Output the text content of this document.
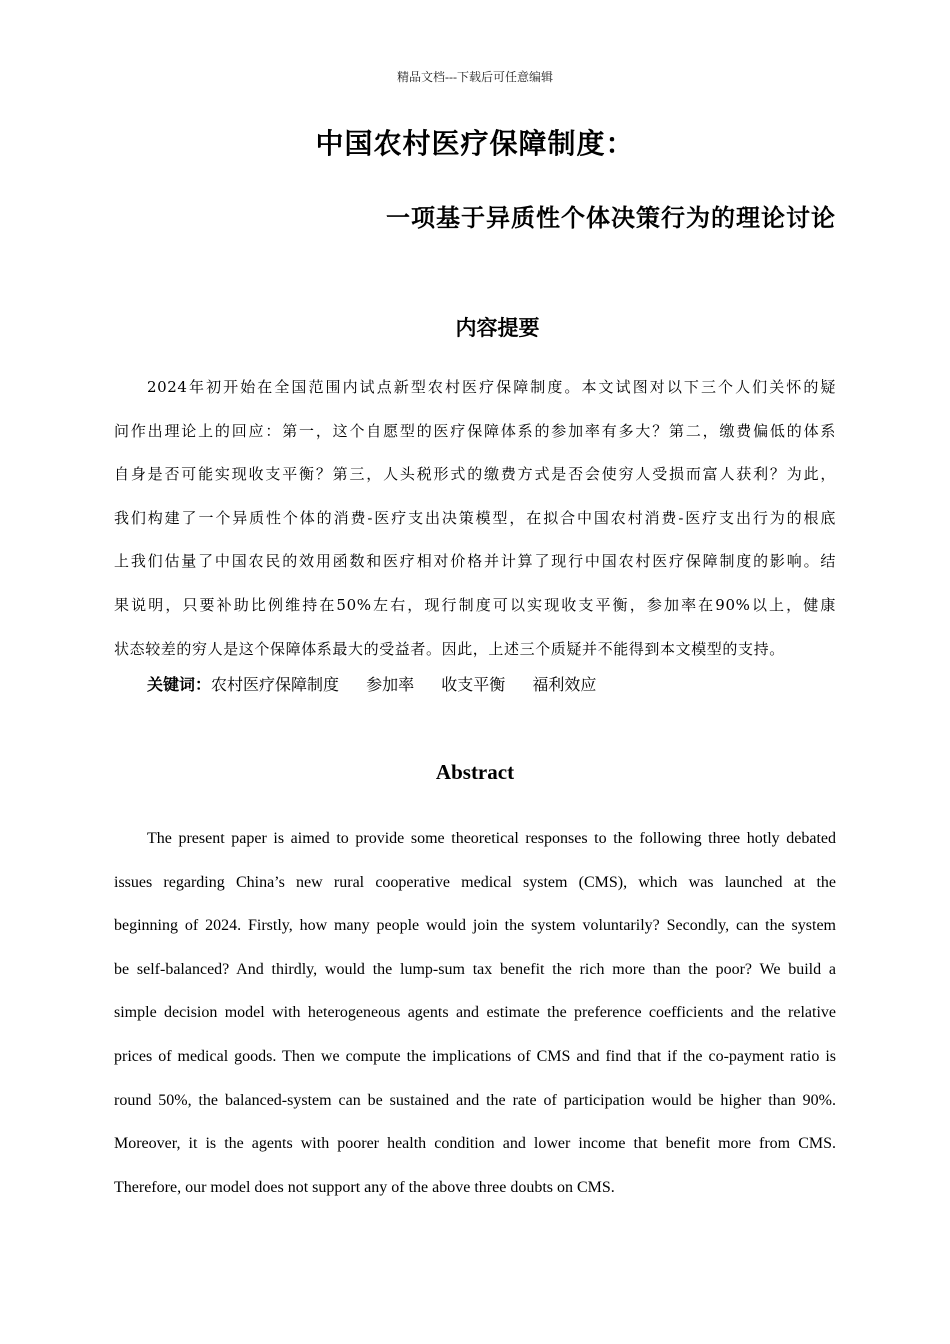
精品文档---下载后可任意编辑
中国农村医疗保障制度：
一项基于异质性个体决策行为的理论讨论
内容提要
2024年初开始在全国范围内试点新型农村医疗保障制度。本文试图对以下三个人们关怀的疑
问作出理论上的回应：第一，这个自愿型的医疗保障体系的参加率有多大？第二，缴费偏低的体系
自身是否可能实现收支平衡？第三，人头税形式的缴费方式是否会使穷人受损而富人获利？为此，
我们构建了一个异质性个体的消费-医疗支出决策模型，在拟合中国农村消费-医疗支出行为的根底
上我们估量了中国农民的效用函数和医疗相对价格并计算了现行中国农村医疗保障制度的影响。结
果说明，只要补助比例维持在50%左右，现行制度可以实现收支平衡，参加率在90%以上，健康
状态较差的穷人是这个保障体系最大的受益者。因此，上述三个质疑并不能得到本文模型的支持。
关键词：农村医疗保障制度 参加率 收支平衡 福利效应
Abstract
The present paper is aimed to provide some theoretical responses to the following three hotly debated
issues regarding China’s new rural cooperative medical system (CMS), which was launched at the
beginning of 2024. Firstly, how many people would join the system voluntarily? Secondly, can the system
be self-balanced? And thirdly, would the lump-sum tax benefit the rich more than the poor? We build a
simple decision model with heterogeneous agents and estimate the preference coefficients and the relative
prices of medical goods. Then we compute the implications of CMS and find that if the co-payment ratio is
round 50%, the balanced-system can be sustained and the rate of participation would be higher than 90%.
Moreover, it is the agents with poorer health condition and lower income that benefit more from CMS.
Therefore, our model does not support any of the above three doubts on CMS.
